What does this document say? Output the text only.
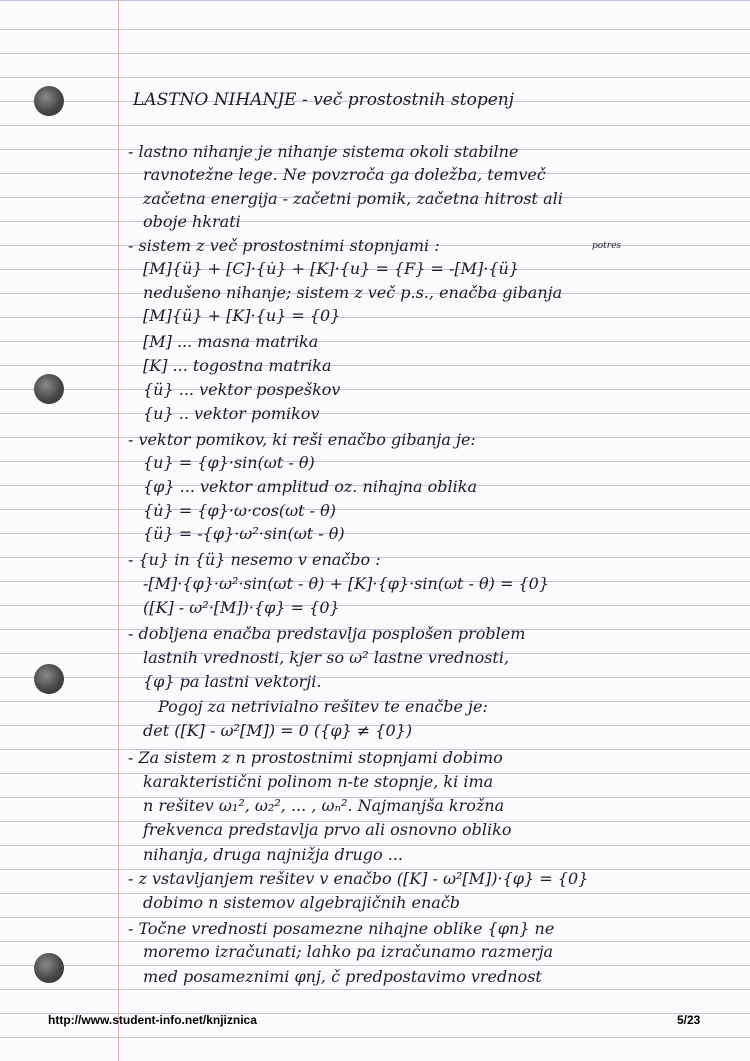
LASTNO NIHANJE - več prostostnih stopenj
potres
- lastno nihanje je nihanje sistema okoli stabilne
ravnotežne lege. Ne povzroča ga doležba, temveč
začetna energija - začetni pomik, začetna hitrost ali
oboje hkrati
- sistem z več prostostnimi stopnjami :
[M]{ü} + [C]·{u̇} + [K]·{u} = {F} = -[M]·{ü}
nedušeno nihanje; sistem z več p.s., enačba gibanja
[M]{ü} + [K]·{u} = {0}
[M] ... masna matrika
[K] ... togostna matrika
{ü} ... vektor pospeškov
{u} .. vektor pomikov
- vektor pomikov, ki reši enačbo gibanja je:
{u} = {φ}·sin(ωt - θ)
{φ} ... vektor amplitud oz. nihajna oblika
{u̇} = {φ}·ω·cos(ωt - θ)
{ü} = -{φ}·ω²·sin(ωt - θ)
- {u} in {ü} nesemo v enačbo :
-[M]·{φ}·ω²·sin(ωt - θ) + [K]·{φ}·sin(ωt - θ) = {0}
([K] - ω²·[M])·{φ} = {0}
- dobljena enačba predstavlja posplošen problem
lastnih vrednosti, kjer so ω² lastne vrednosti,
{φ} pa lastni vektorji.
Pogoj za netrivialno rešitev te enačbe je:
det ([K] - ω²[M]) = 0 ({φ} ≠ {0})
- Za sistem z n prostostnimi stopnjami dobimo
karakteristični polinom n-te stopnje, ki ima
n rešitev ω₁², ω₂², ... , ωₙ². Najmanjša krožna
frekvenca predstavlja prvo ali osnovno obliko
nihanja, druga najnižja drugo ...
- z vstavljanjem rešitev v enačbo ([K] - ω²[M])·{φ} = {0}
dobimo n sistemov algebrajičnih enačb
- Točne vrednosti posamezne nihajne oblike {φn} ne
moremo izračunati; lahko pa izračunamo razmerja
med posameznimi φnj, č predpostavimo vrednost
http://www.student-info.net/knjiznica	5/23
